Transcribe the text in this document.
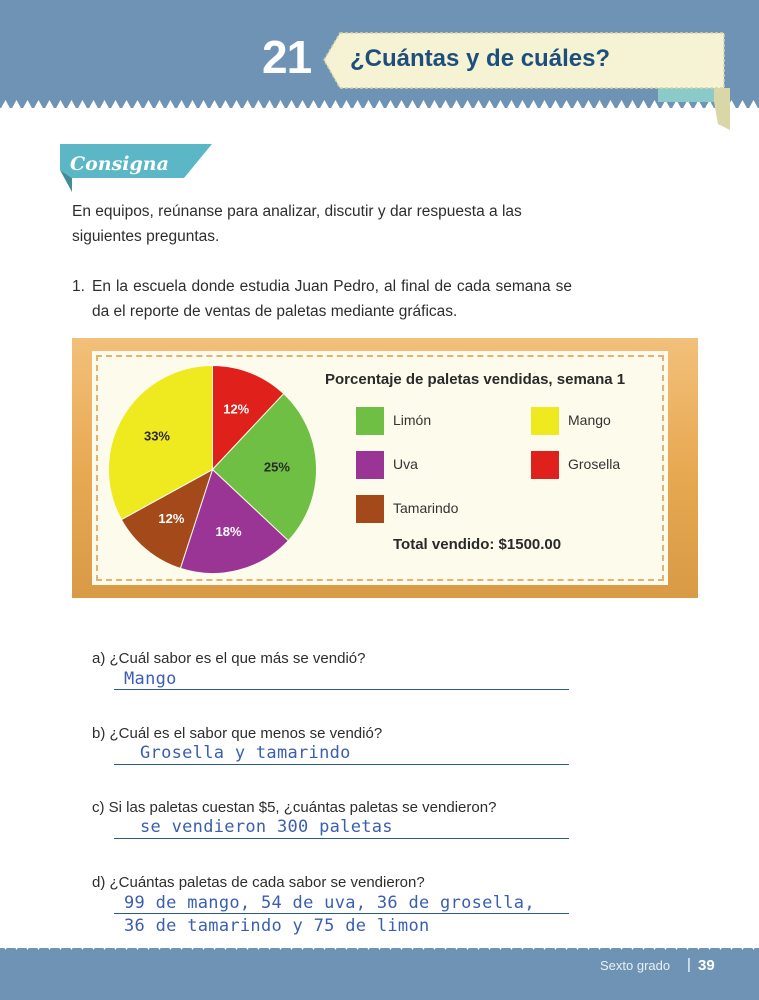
21	¿Cuántas y de cuáles?
Consigna
En equipos, reúnanse para analizar, discutir y dar respuesta a las siguientes preguntas.
1. En la escuela donde estudia Juan Pedro, al final de cada semana se da el reporte de ventas de paletas mediante gráficas.
12%
25%
18%
12%
33%
Porcentaje de paletas vendidas, semana 1
Limón	Mango
Uva	Grosella
Tamarindo
Total vendido: $1500.00
a) ¿Cuál sabor es el que más se vendió?
Mango
b) ¿Cuál es el sabor que menos se vendió?
Grosella y tamarindo
c) Si las paletas cuestan $5, ¿cuántas paletas se vendieron?
se vendieron 300 paletas
d) ¿Cuántas paletas de cada sabor se vendieron?
99 de mango, 54 de uva, 36 de grosella,
36 de tamarindo y 75 de limon
Sexto grado | 39
